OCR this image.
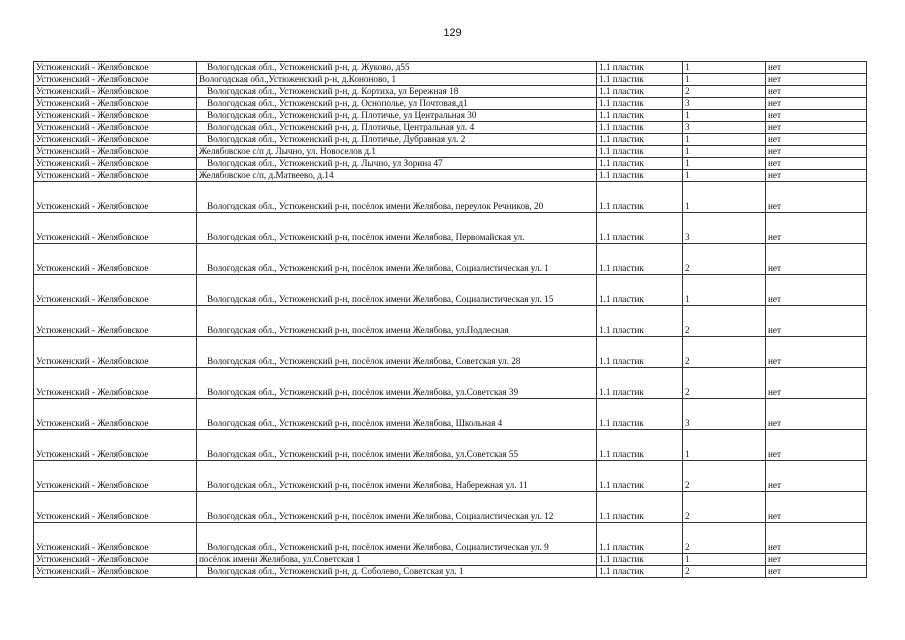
129
Устюженский - Желябовское	Вологодская обл., Устюженский р-н, д. Жуково, д55	1.1 пластик	1	нет
Устюженский - Желябовское	Вологодская обл.,Устюженский р-н, д.Кононово, 1	1.1 пластик	1	нет
Устюженский - Желябовское	Вологодская обл., Устюженский р-н, д. Кортиха, ул Бережная 18	1.1 пластик	2	нет
Устюженский - Желябовское	Вологодская обл., Устюженский р-н, д. Оснополье, ул Почтовая,д1	1.1 пластик	3	нет
Устюженский - Желябовское	Вологодская обл., Устюженский р-н, д. Плотичье, ул Центральная 30	1.1 пластик	1	нет
Устюженский - Желябовское	Вологодская обл., Устюженский р-н, д. Плотичье, Центральная ул. 4	1.1 пластик	3	нет
Устюженский - Желябовское	Вологодская обл., Устюженский р-н, д. Плотичье, Дубравная ул. 2	1.1 пластик	1	нет
Устюженский - Желябовское	Желябовское с/п д. Лычно, ул. Новоселов д.1	1.1 пластик	1	нет
Устюженский - Желябовское	Вологодская обл., Устюженский р-н, д. Лычно, ул Зорина 47	1.1 пластик	1	нет
Устюженский - Желябовское	Желябовское с/п, д.Матвеево, д.14	1.1 пластик	1	нет
Устюженский - Желябовское	Вологодская обл., Устюженский р-н, посёлок имени Желябова, переулок Речников, 20	1.1 пластик	1	нет
Устюженский - Желябовское	Вологодская обл., Устюженский р-н, посёлок имени Желябова, Первомайская ул.	1.1 пластик	3	нет
Устюженский - Желябовское	Вологодская обл., Устюженский р-н, посёлок имени Желябова, Социалистическая ул. 1	1.1 пластик	2	нет
Устюженский - Желябовское	Вологодская обл., Устюженский р-н, посёлок имени Желябова, Социалистическая ул. 15	1.1 пластик	1	нет
Устюженский - Желябовское	Вологодская обл., Устюженский р-н, посёлок имени Желябова, ул.Подлесная	1.1 пластик	2	нет
Устюженский - Желябовское	Вологодская обл., Устюженский р-н, посёлок имени Желябова, Советская ул. 28	1.1 пластик	2	нет
Устюженский - Желябовское	Вологодская обл., Устюженский р-н, посёлок имени Желябова, ул.Советская 39	1.1 пластик	2	нет
Устюженский - Желябовское	Вологодская обл., Устюженский р-н, посёлок имени Желябова, Школьная 4	1.1 пластик	3	нет
Устюженский - Желябовское	Вологодская обл., Устюженский р-н, посёлок имени Желябова, ул.Советская 55	1.1 пластик	1	нет
Устюженский - Желябовское	Вологодская обл., Устюженский р-н, посёлок имени Желябова, Набережная ул. 11	1.1 пластик	2	нет
Устюженский - Желябовское	Вологодская обл., Устюженский р-н, посёлок имени Желябова, Социалистическая ул. 12	1.1 пластик	2	нет
Устюженский - Желябовское	Вологодская обл., Устюженский р-н, посёлок имени Желябова, Социалистическая ул. 9	1.1 пластик	2	нет
Устюженский - Желябовское	посёлок имени Желябова, ул.Советская 1	1.1 пластик	1	нет
Устюженский - Желябовское	Вологодская обл., Устюженский р-н, д. Соболево, Советская ул. 1	1.1 пластик	2	нет
